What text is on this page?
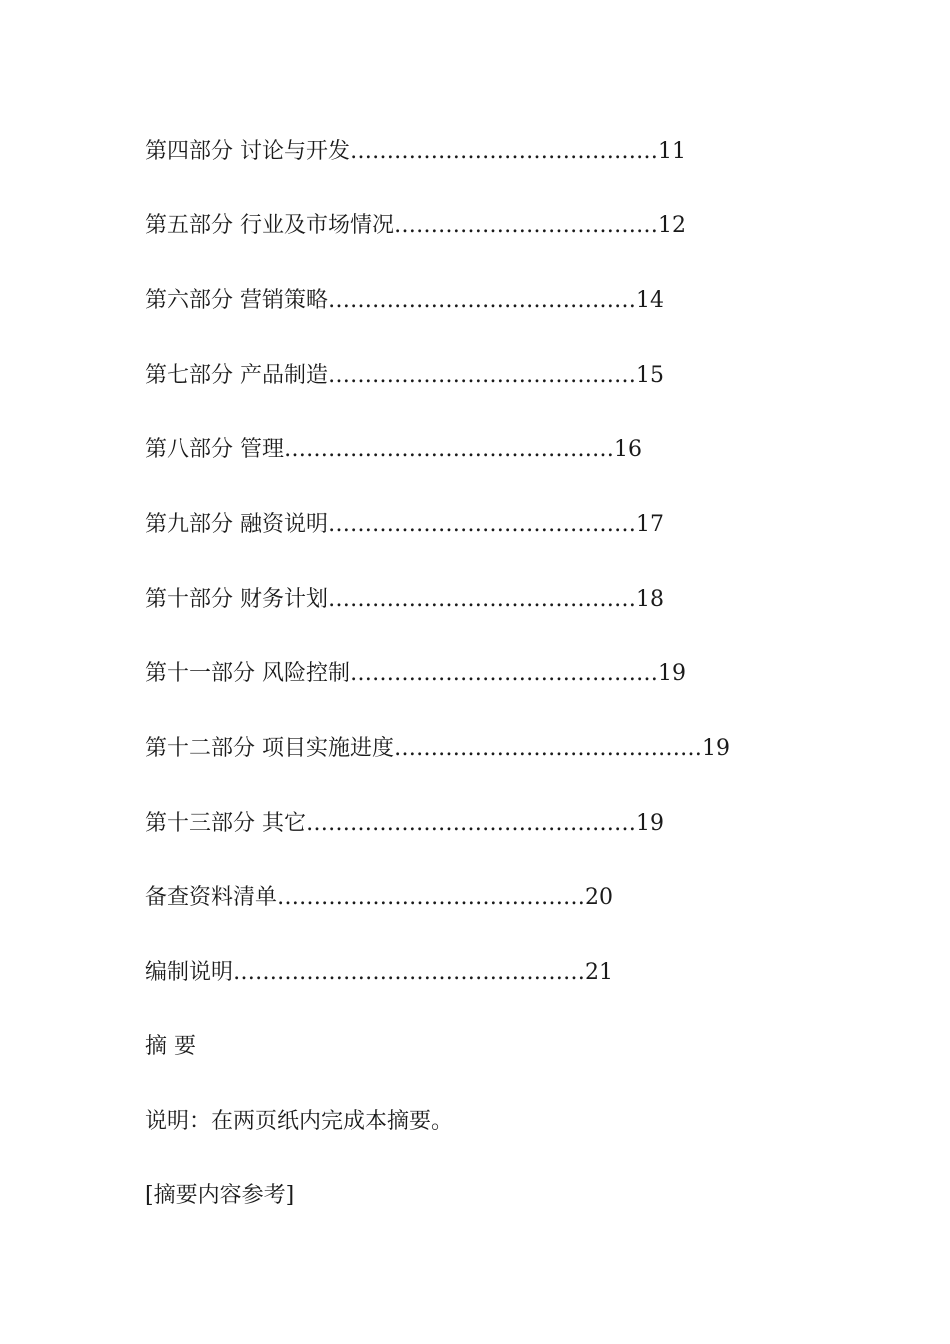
第四部分 讨论与开发……………………………………11
第五部分 行业及市场情况………………………………12
第六部分 营销策略……………………………………14
第七部分 产品制造……………………………………15
第八部分 管理………………………………………16
第九部分 融资说明……………………………………17
第十部分 财务计划……………………………………18
第十一部分 风险控制……………………………………19
第十二部分 项目实施进度……………………………………19
第十三部分 其它………………………………………19
备查资料清单……………………………………20
编制说明…………………………………………21
摘 要
说明：在两页纸内完成本摘要。
[摘要内容参考]
